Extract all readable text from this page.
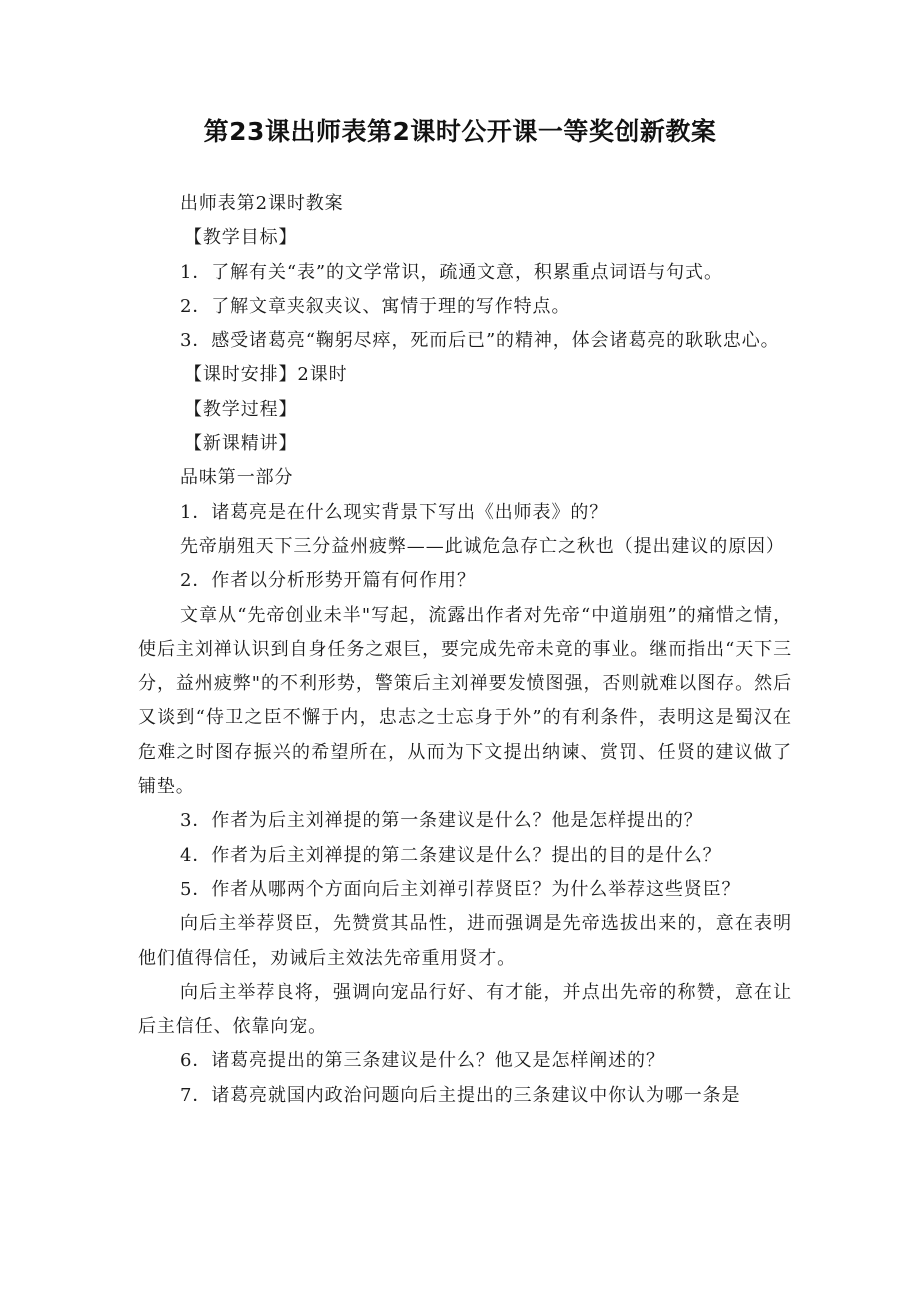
第23课出师表第2课时公开课一等奖创新教案

出师表第2课时教案

【教学目标】

1．了解有关“表”的文学常识，疏通文意，积累重点词语与句式。

2．了解文章夹叙夹议、寓情于理的写作特点。

3．感受诸葛亮“鞠躬尽瘁，死而后已”的精神，体会诸葛亮的耿耿忠心。

【课时安排】2课时

【教学过程】

【新课精讲】

品味第一部分

1．诸葛亮是在什么现实背景下写出《出师表》的？

先帝崩殂天下三分益州疲弊——此诚危急存亡之秋也（提出建议的原因）

2．作者以分析形势开篇有何作用？

文章从“先帝创业未半"写起，流露出作者对先帝“中道崩殂”的痛惜之情，使后主刘禅认识到自身任务之艰巨，要完成先帝未竟的事业。继而指出“天下三分，益州疲弊"的不利形势，警策后主刘禅要发愤图强，否则就难以图存。然后又谈到“侍卫之臣不懈于内，忠志之士忘身于外”的有利条件，表明这是蜀汉在危难之时图存振兴的希望所在，从而为下文提出纳谏、赏罚、任贤的建议做了铺垫。

3．作者为后主刘禅提的第一条建议是什么？他是怎样提出的？

4．作者为后主刘禅提的第二条建议是什么？提出的目的是什么？

5．作者从哪两个方面向后主刘禅引荐贤臣？为什么举荐这些贤臣？

向后主举荐贤臣，先赞赏其品性，进而强调是先帝选拔出来的，意在表明他们值得信任，劝诫后主效法先帝重用贤才。

向后主举荐良将，强调向宠品行好、有才能，并点出先帝的称赞，意在让后主信任、依靠向宠。

6．诸葛亮提出的第三条建议是什么？他又是怎样阐述的？

7．诸葛亮就国内政治问题向后主提出的三条建议中你认为哪一条是
